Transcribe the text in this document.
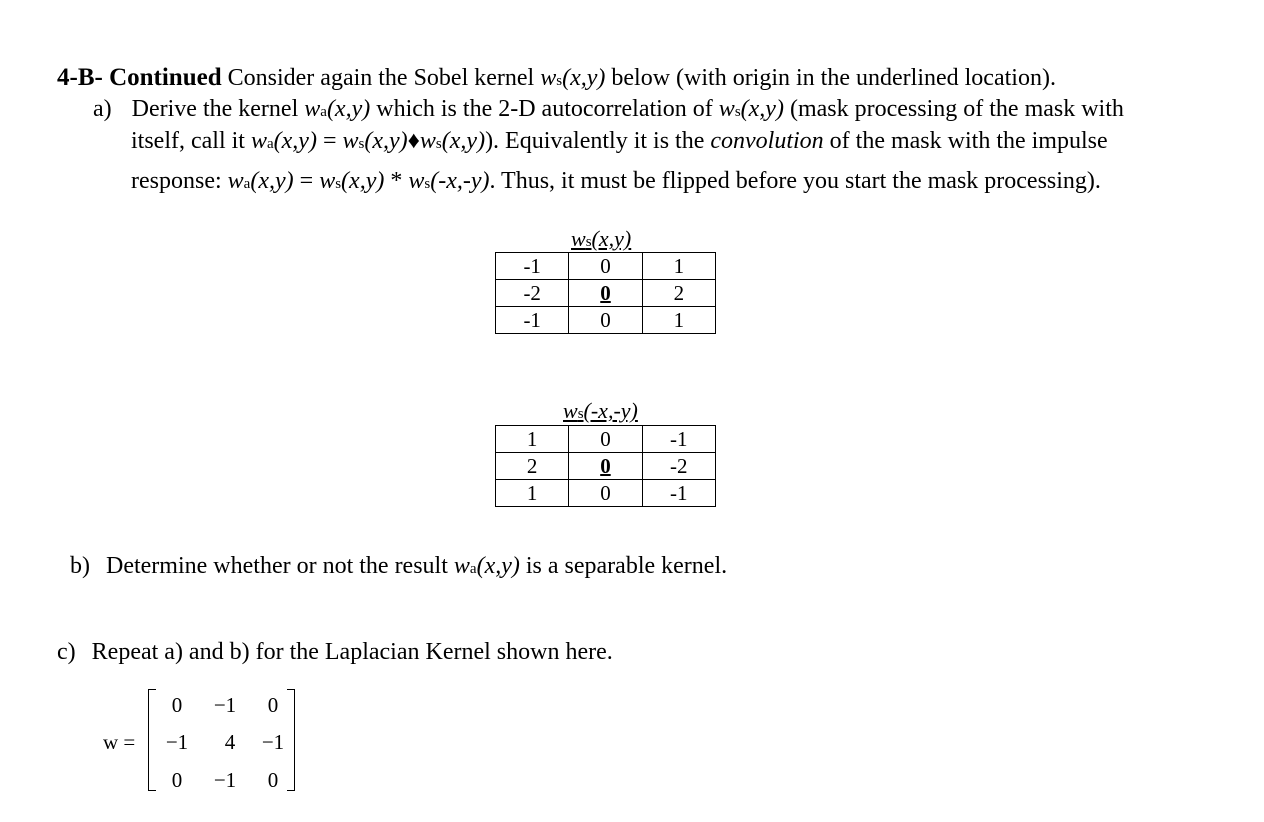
4-B- Continued Consider again the Sobel kernel ws(x,y) below (with origin in the underlined location).
a) Derive the kernel wa(x,y) which is the 2-D autocorrelation of ws(x,y) (mask processing of the mask with
itself, call it wa(x,y) = ws(x,y)♦ws(x,y)). Equivalently it is the convolution of the mask with the impulse
response: wa(x,y) = ws(x,y) * ws(-x,-y). Thus, it must be flipped before you start the mask processing).
ws(x,y)
-1	0	1
-2	0	2
-1	0	1
ws(-x,-y)
1	0	-1
2	0	-2
1	0	-1
b) Determine whether or not the result wa(x,y) is a separable kernel.
c) Repeat a) and b) for the Laplacian Kernel shown here.
w =
0	−1	0
−1	4	−1
0	−1	0
